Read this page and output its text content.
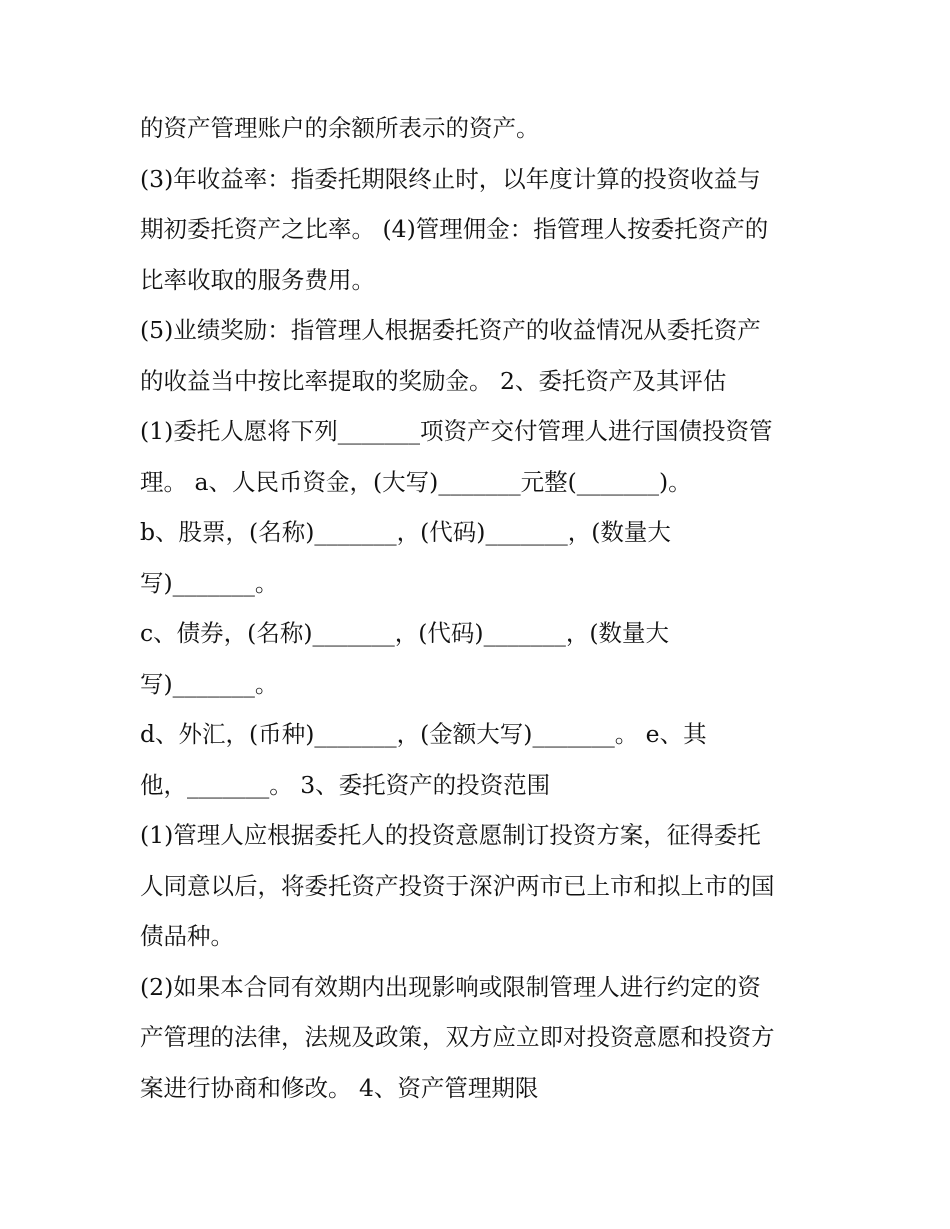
的资产管理账户的余额所表示的资产。
(3)年收益率：指委托期限终止时，以年度计算的投资收益与
期初委托资产之比率。 (4)管理佣金：指管理人按委托资产的
比率收取的服务费用。
(5)业绩奖励：指管理人根据委托资产的收益情况从委托资产
的收益当中按比率提取的奖励金。 2、委托资产及其评估
(1)委托人愿将下列_______项资产交付管理人进行国债投资管
理。 a、人民币资金，(大写)_______元整(_______)。
b、股票，(名称)_______，(代码)_______，(数量大
写)_______。
c、债券，(名称)_______，(代码)_______，(数量大
写)_______。
d、外汇，(币种)_______，(金额大写)_______。 e、其
他，_______。 3、委托资产的投资范围
(1)管理人应根据委托人的投资意愿制订投资方案，征得委托
人同意以后，将委托资产投资于深沪两市已上市和拟上市的国
债品种。
(2)如果本合同有效期内出现影响或限制管理人进行约定的资
产管理的法律，法规及政策，双方应立即对投资意愿和投资方
案进行协商和修改。 4、资产管理期限
